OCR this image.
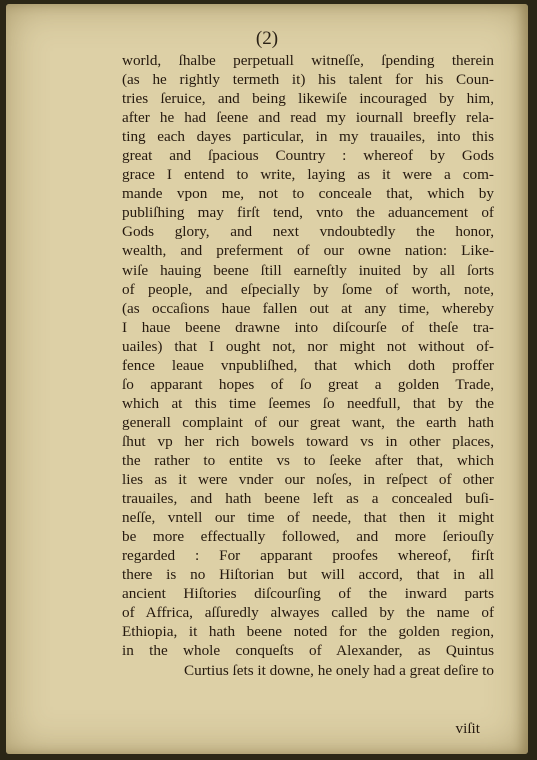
(2)
world, ſhalbe perpetuall witneſſe, ſpending therein
(as he rightly termeth it) his talent for his Coun-
tries ſeruice, and being likewiſe incouraged by him,
after he had ſeene and read my iournall breefly rela-
ting each dayes particular, in my trauailes, into this
great and ſpacious Country : whereof by Gods
grace I entend to write, laying as it were a com-
mande vpon me, not to conceale that, which by
publiſhing may firſt tend, vnto the aduancement of
Gods glory, and next vndoubtedly the honor,
wealth, and preferment of our owne nation: Like-
wiſe hauing beene ſtill earneſtly inuited by all ſorts
of people, and eſpecially by ſome of worth, note,
(as occaſions haue fallen out at any time, whereby
I haue beene drawne into diſcourſe of theſe tra-
uailes) that I ought not, nor might not without of-
fence leaue vnpubliſhed, that which doth proffer
ſo apparant hopes of ſo great a golden Trade,
which at this time ſeemes ſo needfull, that by the
generall complaint of our great want, the earth hath
ſhut vp her rich bowels toward vs in other places,
the rather to entite vs to ſeeke after that, which
lies as it were vnder our noſes, in reſpect of other
trauailes, and hath beene left as a concealed buſi-
neſſe, vntell our time of neede, that then it might
be more effectually followed, and more ſeriouſly
regarded : For apparant proofes whereof, firſt
there is no Hiſtorian but will accord, that in all
ancient Hiſtories diſcourſing of the inward parts
of Affrica, aſſuredly alwayes called by the name of
Ethiopia, it hath beene noted for the golden region,
in the whole conqueſts of Alexander, as Quintus
Curtius ſets it downe, he onely had a great deſire to
viſit
